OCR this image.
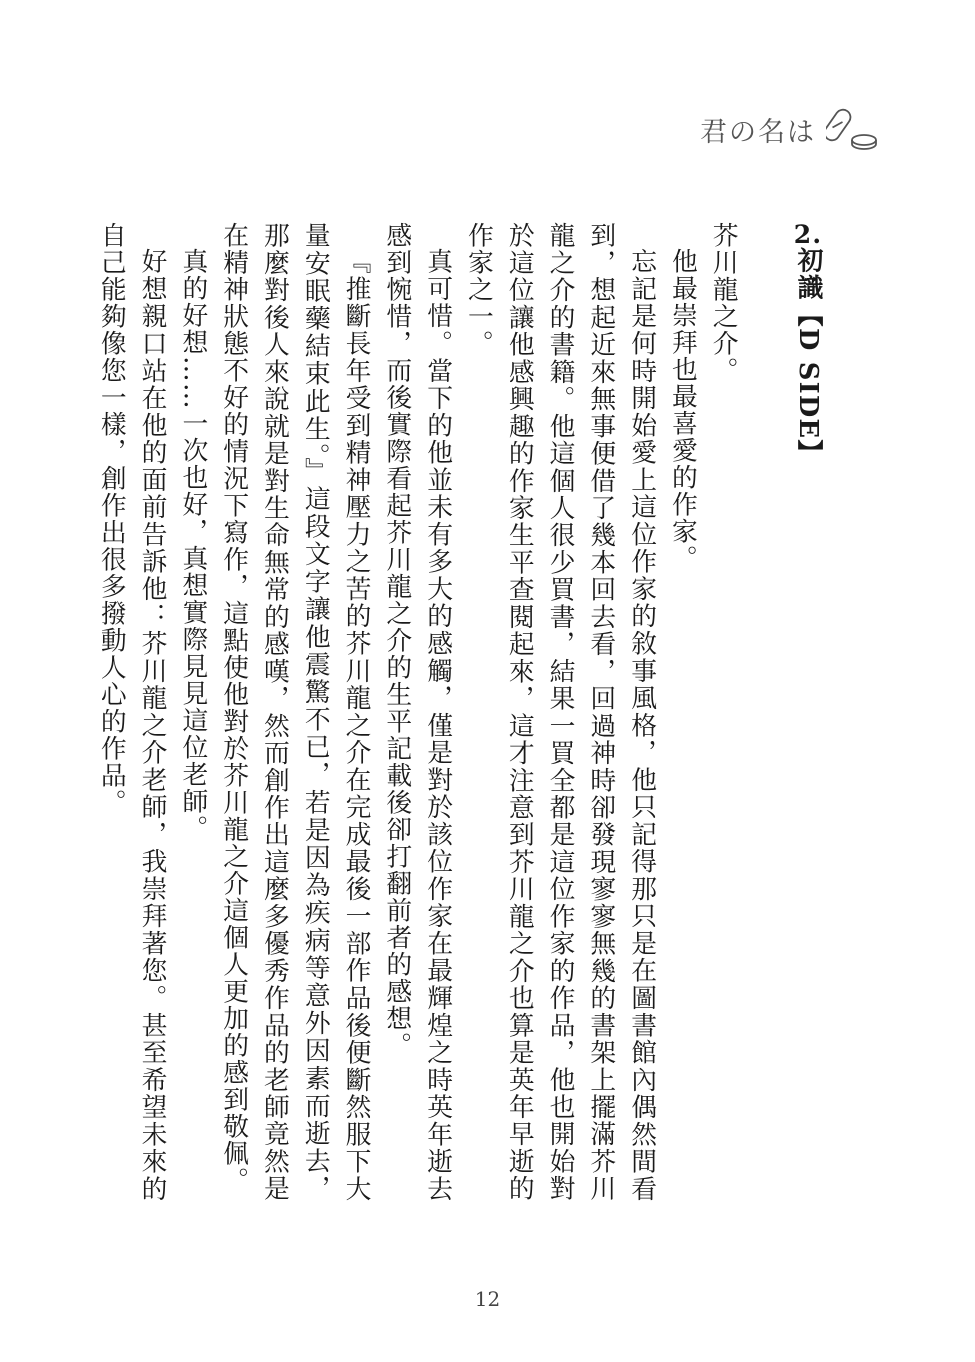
君の名は
2.初識【D SIDE】

芥川龍之介。

他最崇拜也最喜愛的作家。

忘記是何時開始愛上這位作家的敘事風格，他只記得那只是在圖書館內偶然間看到，想起近來無事便借了幾本回去看，回過神時卻發現寥寥無幾的書架上擺滿芥川龍之介的書籍。他這個人很少買書，結果一買全都是這位作家的作品，他也開始對於這位讓他感興趣的作家生平查閱起來，這才注意到芥川龍之介也算是英年早逝的作家之一。

真可惜。當下的他並未有多大的感觸，僅是對於該位作家在最輝煌之時英年逝去感到惋惜，而後實際看起芥川龍之介的生平記載後卻打翻前者的感想。

『推斷長年受到精神壓力之苦的芥川龍之介在完成最後一部作品後便斷然服下大量安眠藥結束此生。』這段文字讓他震驚不已，若是因為疾病等意外因素而逝去，那麼對後人來說就是對生命無常的感嘆，然而創作出這麼多優秀作品的老師竟然是在精神狀態不好的情況下寫作，這點使他對於芥川龍之介這個人更加的感到敬佩。

真的好想……一次也好，真想實際見見這位老師。

好想親口站在他的面前告訴他：芥川龍之介老師，我崇拜著您。甚至希望未來的自己能夠像您一樣，創作出很多撥動人心的作品。

12
